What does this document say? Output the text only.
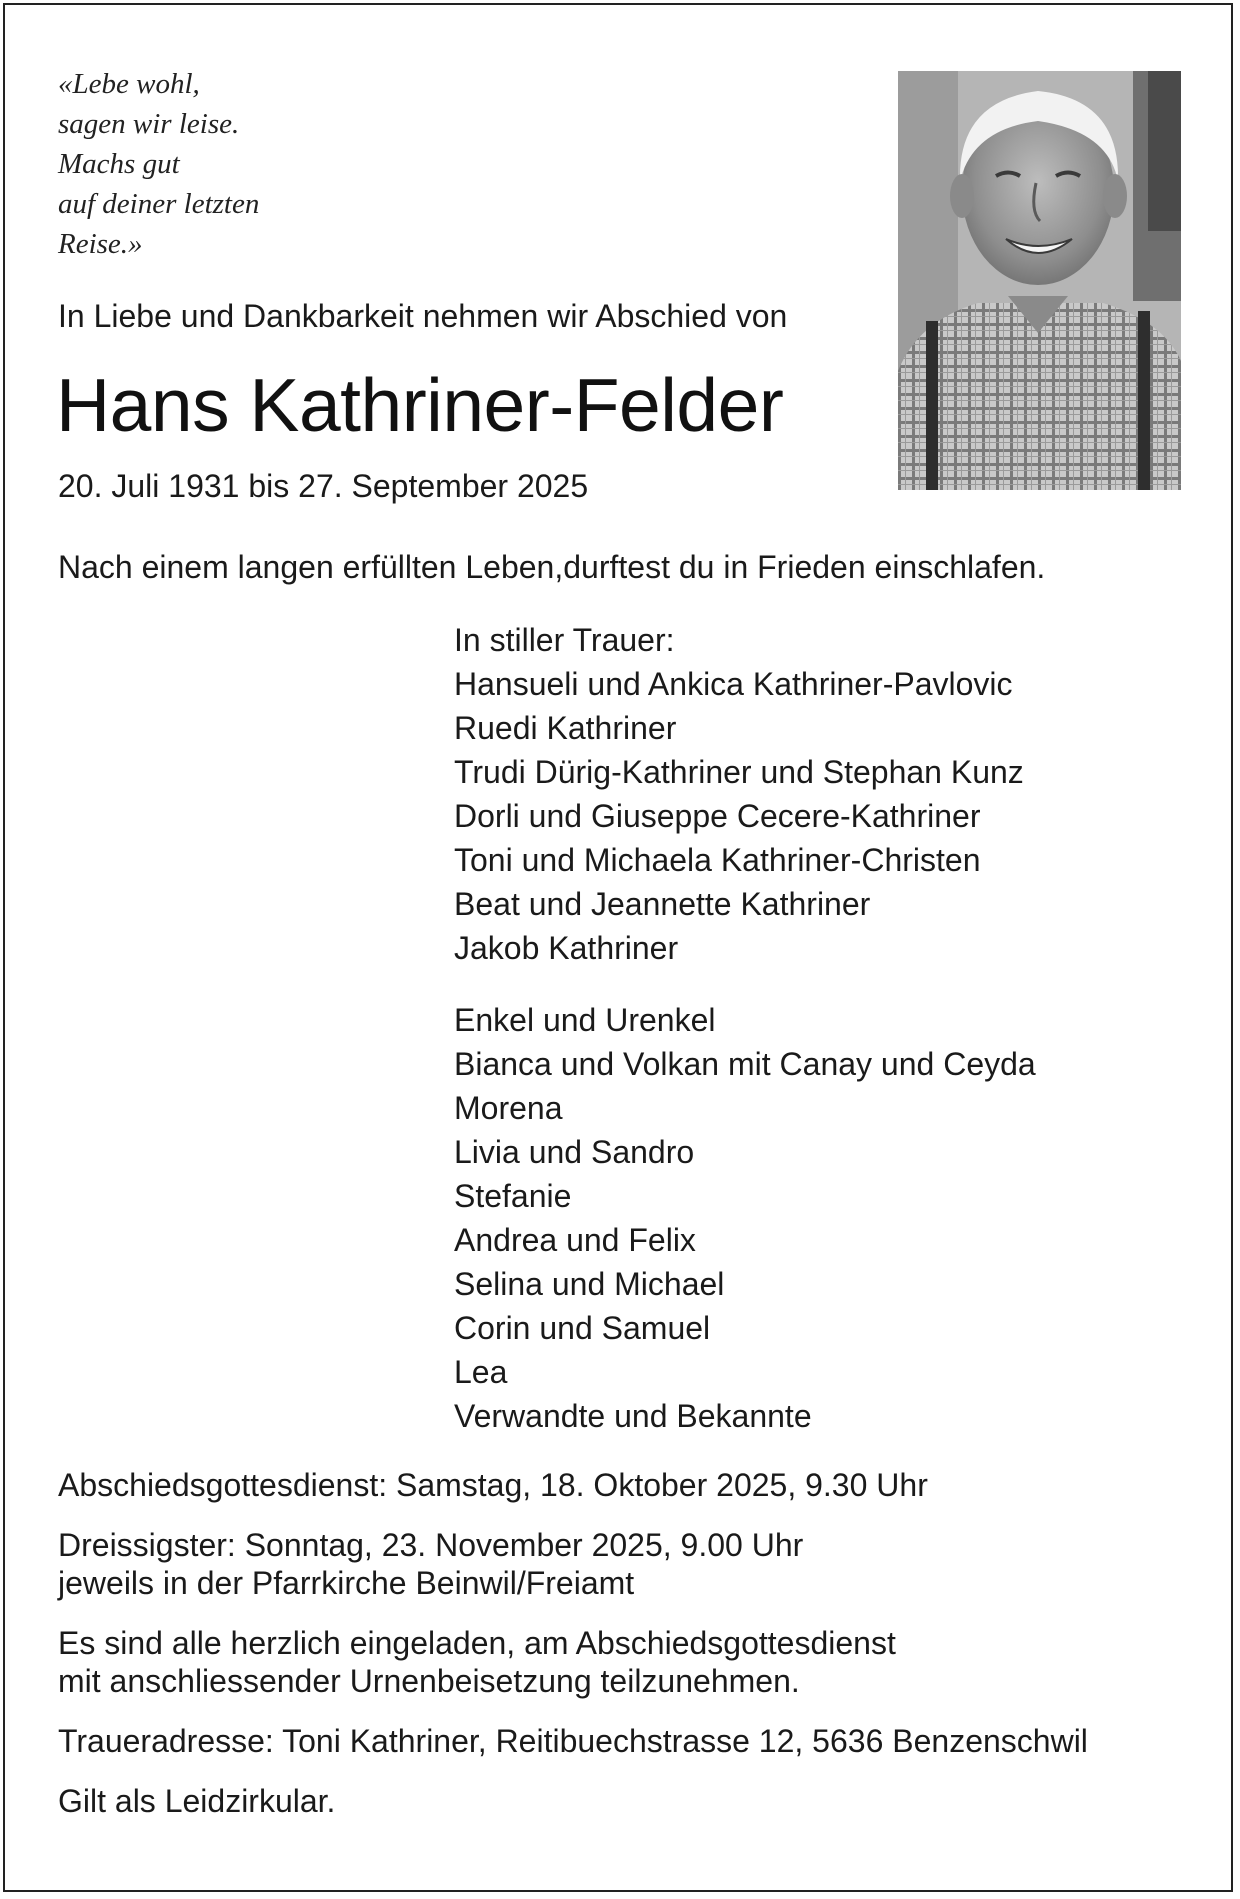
«Lebe wohl,
sagen wir leise.
Machs gut
auf deiner letzten
Reise.»
In Liebe und Dankbarkeit nehmen wir Abschied von
Hans Kathriner-Felder
20. Juli 1931 bis 27. September 2025
Nach einem langen erfüllten Leben,durftest du in Frieden einschlafen.
In stiller Trauer:
Hansueli und Ankica Kathriner-Pavlovic
Ruedi Kathriner
Trudi Dürig-Kathriner und Stephan Kunz
Dorli und Giuseppe Cecere-Kathriner
Toni und Michaela Kathriner-Christen
Beat und Jeannette Kathriner
Jakob Kathriner
Enkel und Urenkel
Bianca und Volkan mit Canay und Ceyda
Morena
Livia und Sandro
Stefanie
Andrea und Felix
Selina und Michael
Corin und Samuel
Lea
Verwandte und Bekannte
Abschiedsgottesdienst: Samstag, 18. Oktober 2025, 9.30 Uhr
Dreissigster: Sonntag, 23. November 2025, 9.00 Uhr
jeweils in der Pfarrkirche Beinwil/Freiamt
Es sind alle herzlich eingeladen, am Abschiedsgottesdienst
mit anschliessender Urnenbeisetzung teilzunehmen.
Traueradresse: Toni Kathriner, Reitibuechstrasse 12, 5636 Benzenschwil
Gilt als Leidzirkular.
